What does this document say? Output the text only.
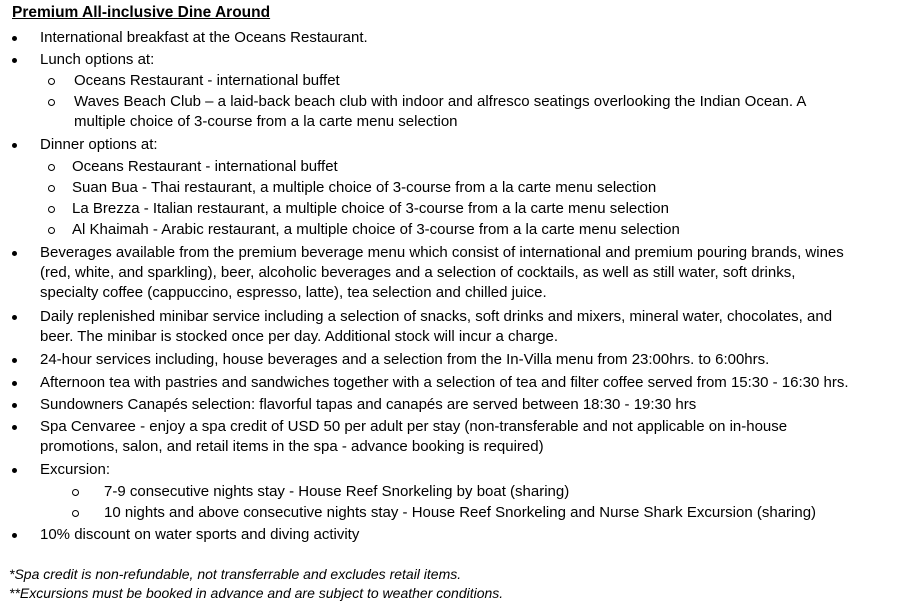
Premium All-inclusive Dine Around
International breakfast at the Oceans Restaurant.
Lunch options at:
Oceans Restaurant - international buffet
Waves Beach Club – a laid-back beach club with indoor and alfresco seatings overlooking the Indian Ocean. A
multiple choice of 3-course from a la carte menu selection
Dinner options at:
Oceans Restaurant - international buffet
Suan Bua - Thai restaurant, a multiple choice of 3-course from a la carte menu selection
La Brezza - Italian restaurant, a multiple choice of 3-course from a la carte menu selection
Al Khaimah - Arabic restaurant, a multiple choice of 3-course from a la carte menu selection
Beverages available from the premium beverage menu which consist of international and premium pouring brands, wines
(red, white, and sparkling), beer, alcoholic beverages and a selection of cocktails, as well as still water, soft drinks,
specialty coffee (cappuccino, espresso, latte), tea selection and chilled juice.
Daily replenished minibar service including a selection of snacks, soft drinks and mixers, mineral water, chocolates, and
beer. The minibar is stocked once per day. Additional stock will incur a charge.
24-hour services including, house beverages and a selection from the In-Villa menu from 23:00hrs. to 6:00hrs.
Afternoon tea with pastries and sandwiches together with a selection of tea and filter coffee served from 15:30 - 16:30 hrs.
Sundowners Canapés selection: flavorful tapas and canapés are served between 18:30 - 19:30 hrs
Spa Cenvaree - enjoy a spa credit of USD 50 per adult per stay (non-transferable and not applicable on in-house
promotions, salon, and retail items in the spa - advance booking is required)
Excursion:
7-9 consecutive nights stay - House Reef Snorkeling by boat (sharing)
10 nights and above consecutive nights stay - House Reef Snorkeling and Nurse Shark Excursion (sharing)
10% discount on water sports and diving activity
*Spa credit is non-refundable, not transferrable and excludes retail items.
**Excursions must be booked in advance and are subject to weather conditions.
